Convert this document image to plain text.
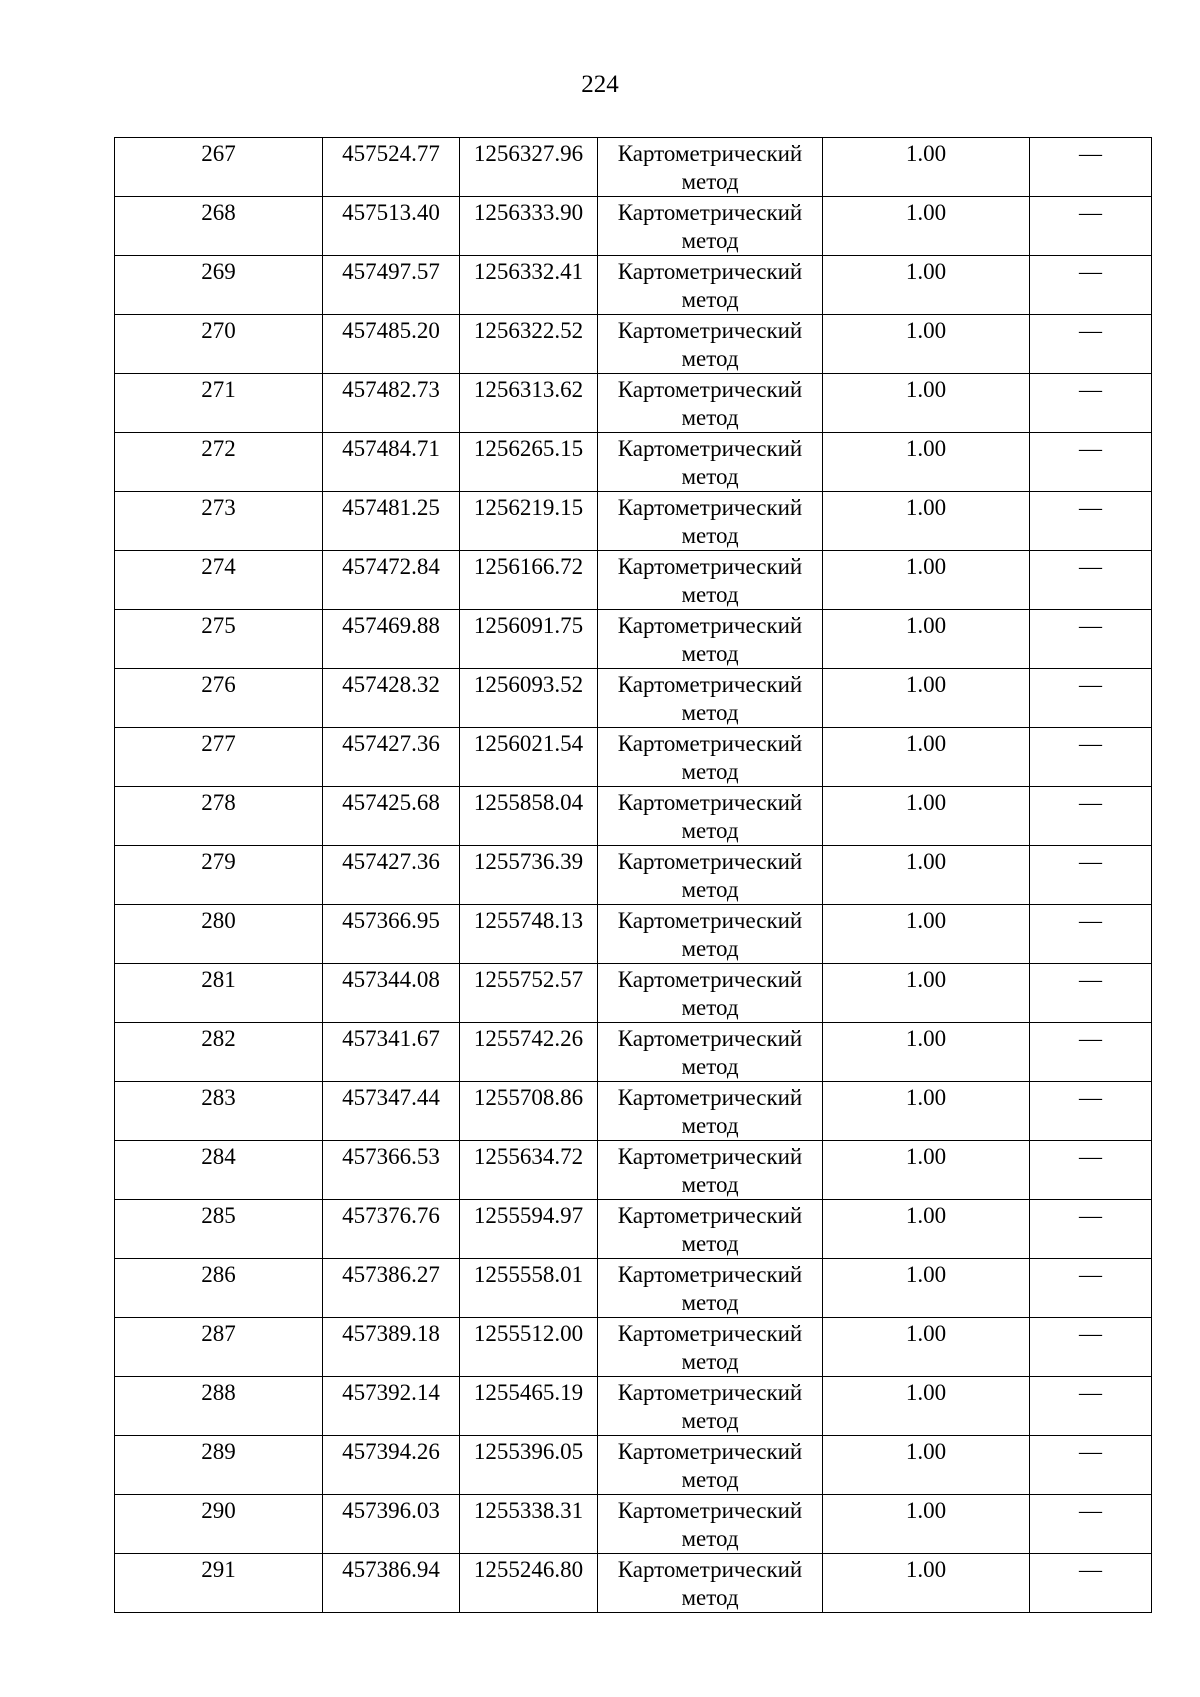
224
267	457524.77	1256327.96	Картометрический метод	1.00	—

268	457513.40	1256333.90	Картометрический метод	1.00	—

269	457497.57	1256332.41	Картометрический метод	1.00	—

270	457485.20	1256322.52	Картометрический метод	1.00	—

271	457482.73	1256313.62	Картометрический метод	1.00	—

272	457484.71	1256265.15	Картометрический метод	1.00	—

273	457481.25	1256219.15	Картометрический метод	1.00	—

274	457472.84	1256166.72	Картометрический метод	1.00	—

275	457469.88	1256091.75	Картометрический метод	1.00	—

276	457428.32	1256093.52	Картометрический метод	1.00	—

277	457427.36	1256021.54	Картометрический метод	1.00	—

278	457425.68	1255858.04	Картометрический метод	1.00	—

279	457427.36	1255736.39	Картометрический метод	1.00	—

280	457366.95	1255748.13	Картометрический метод	1.00	—

281	457344.08	1255752.57	Картометрический метод	1.00	—

282	457341.67	1255742.26	Картометрический метод	1.00	—

283	457347.44	1255708.86	Картометрический метод	1.00	—

284	457366.53	1255634.72	Картометрический метод	1.00	—

285	457376.76	1255594.97	Картометрический метод	1.00	—

286	457386.27	1255558.01	Картометрический метод	1.00	—

287	457389.18	1255512.00	Картометрический метод	1.00	—

288	457392.14	1255465.19	Картометрический метод	1.00	—

289	457394.26	1255396.05	Картометрический метод	1.00	—

290	457396.03	1255338.31	Картометрический метод	1.00	—

291	457386.94	1255246.80	Картометрический метод	1.00	—
